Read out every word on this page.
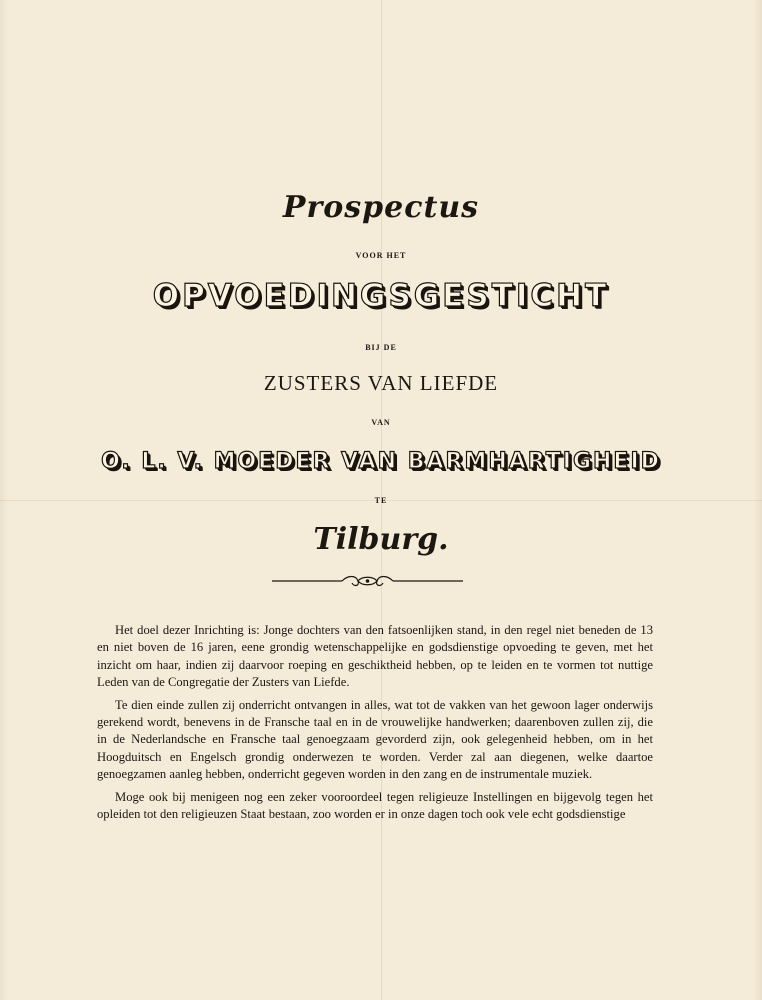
Prospectus
VOOR HET
OPVOEDINGSGESTICHT
BIJ DE
ZUSTERS VAN LIEFDE
VAN
O. L. V. MOEDER VAN BARMHARTIGHEID
TE
Tilburg.

Het doel dezer Inrichting is: Jonge dochters van den fatsoenlijken stand, in den regel niet beneden de 13 en niet boven de 16 jaren, eene grondig wetenschappelijke en godsdienstige opvoeding te geven, met het inzicht om haar, indien zij daarvoor roeping en geschiktheid hebben, op te leiden en te vormen tot nuttige Leden van de Congregatie der Zusters van Liefde.

Te dien einde zullen zij onderricht ontvangen in alles, wat tot de vakken van het gewoon lager onderwijs gerekend wordt, benevens in de Fransche taal en in de vrouwelijke handwerken; daarenboven zullen zij, die in de Nederlandsche en Fransche taal genoegzaam gevorderd zijn, ook gelegenheid hebben, om in het Hoogduitsch en Engelsch grondig onderwezen te worden. Verder zal aan diegenen, welke daartoe genoegzamen aanleg hebben, onderricht gegeven worden in den zang en de instrumentale muziek.

Moge ook bij menigeen nog een zeker vooroordeel tegen religieuze Instellingen en bijgevolg tegen het opleiden tot den religieuzen Staat bestaan, zoo worden er in onze dagen toch ook vele echt godsdienstige
